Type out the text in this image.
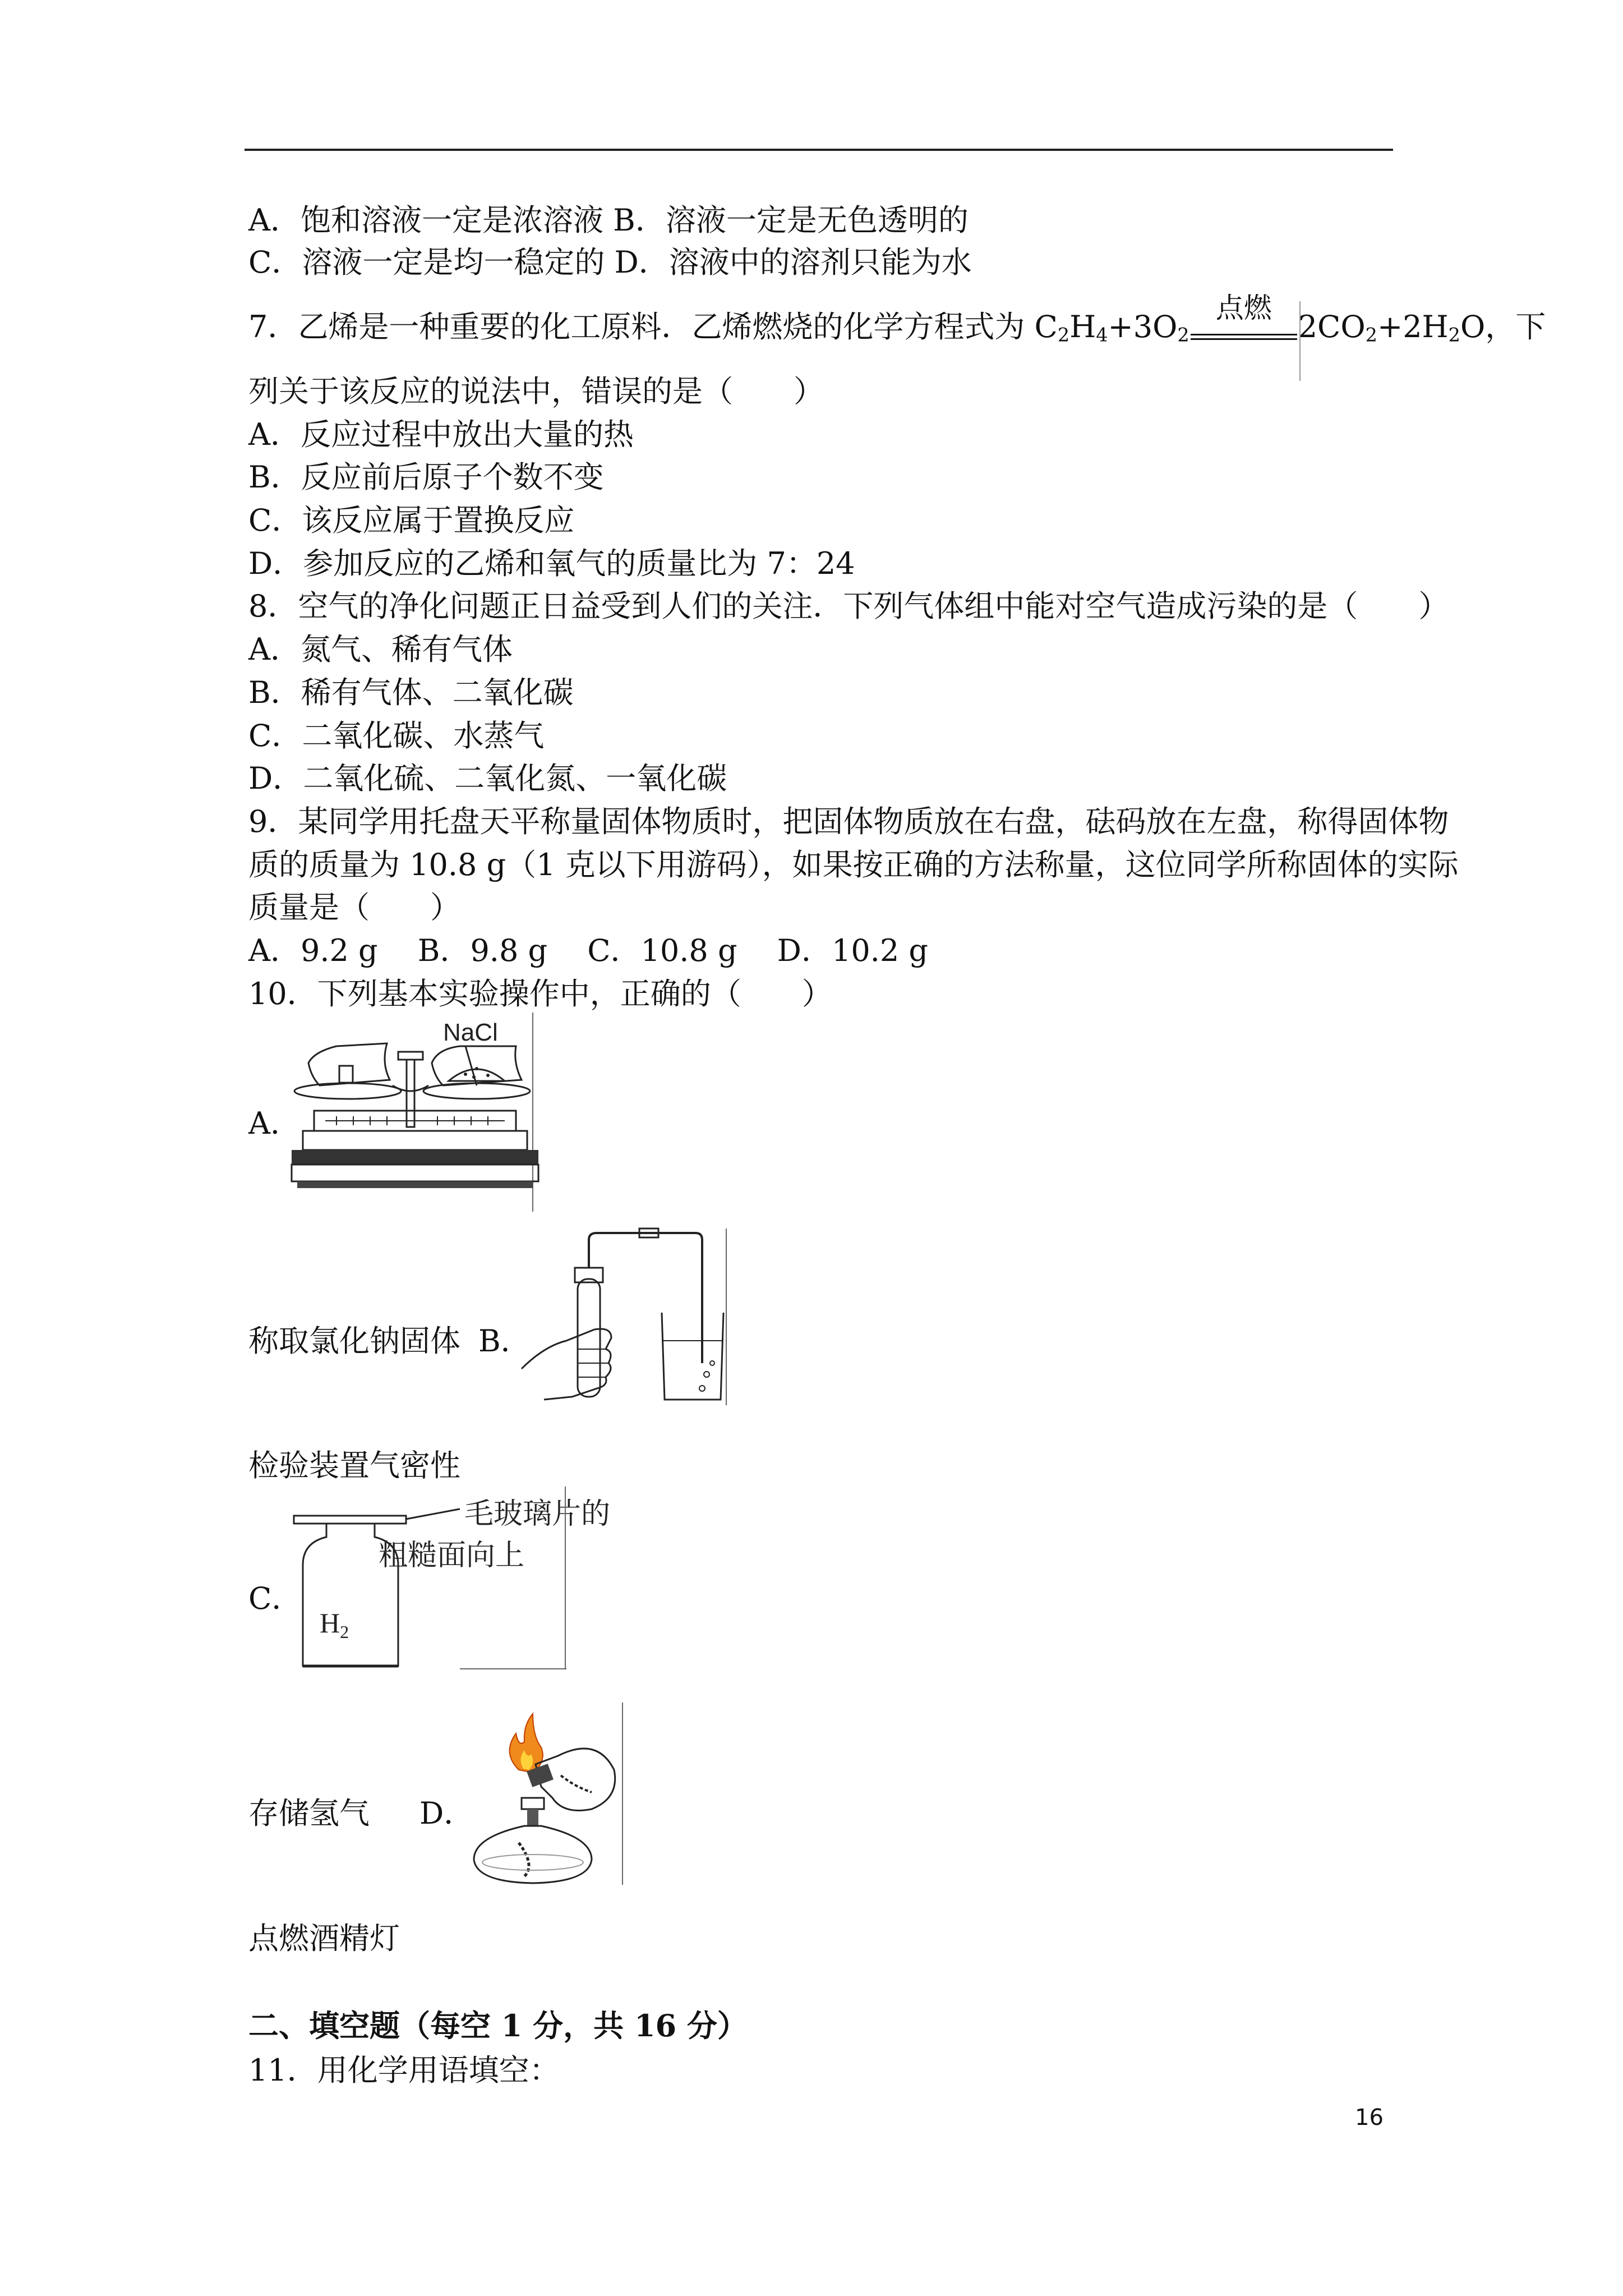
A．饱和溶液一定是浓溶液 B．溶液一定是无色透明的
C．溶液一定是均一稳定的 D．溶液中的溶剂只能为水
7．乙烯是一种重要的化工原料．乙烯燃烧的化学方程式为 $C_2H_4+3O_2$
点燃
$2CO_2+2H_2O$，下
列关于该反应的说法中，错误的是（　　）
A．反应过程中放出大量的热
B．反应前后原子个数不变
C．该反应属于置换反应
D．参加反应的乙烯和氧气的质量比为 7：24
8．空气的净化问题正日益受到人们的关注．下列气体组中能对空气造成污染的是（　　）
A．氮气、稀有气体
B．稀有气体、二氧化碳
C．二氧化碳、水蒸气
D．二氧化硫、二氧化氮、一氧化碳
9．某同学用托盘天平称量固体物质时，把固体物质放在右盘，砝码放在左盘，称得固体物
质的质量为 10.8 g（1 克以下用游码），如果按正确的方法称量，这位同学所称固体的实际
质量是（　　）
A．9.2 g　 B．9.8 g　 C．10.8 g　 D．10.2 g
10．下列基本实验操作中，正确的（　　）
A．
NaCl
称取氯化钠固体 B．
检验装置气密性
C．
$H_2$
毛玻璃片的
粗糙面向上
存储氢气 D．
点燃酒精灯
二、填空题（每空 1 分，共 16 分）
11．用化学用语填空：
16
